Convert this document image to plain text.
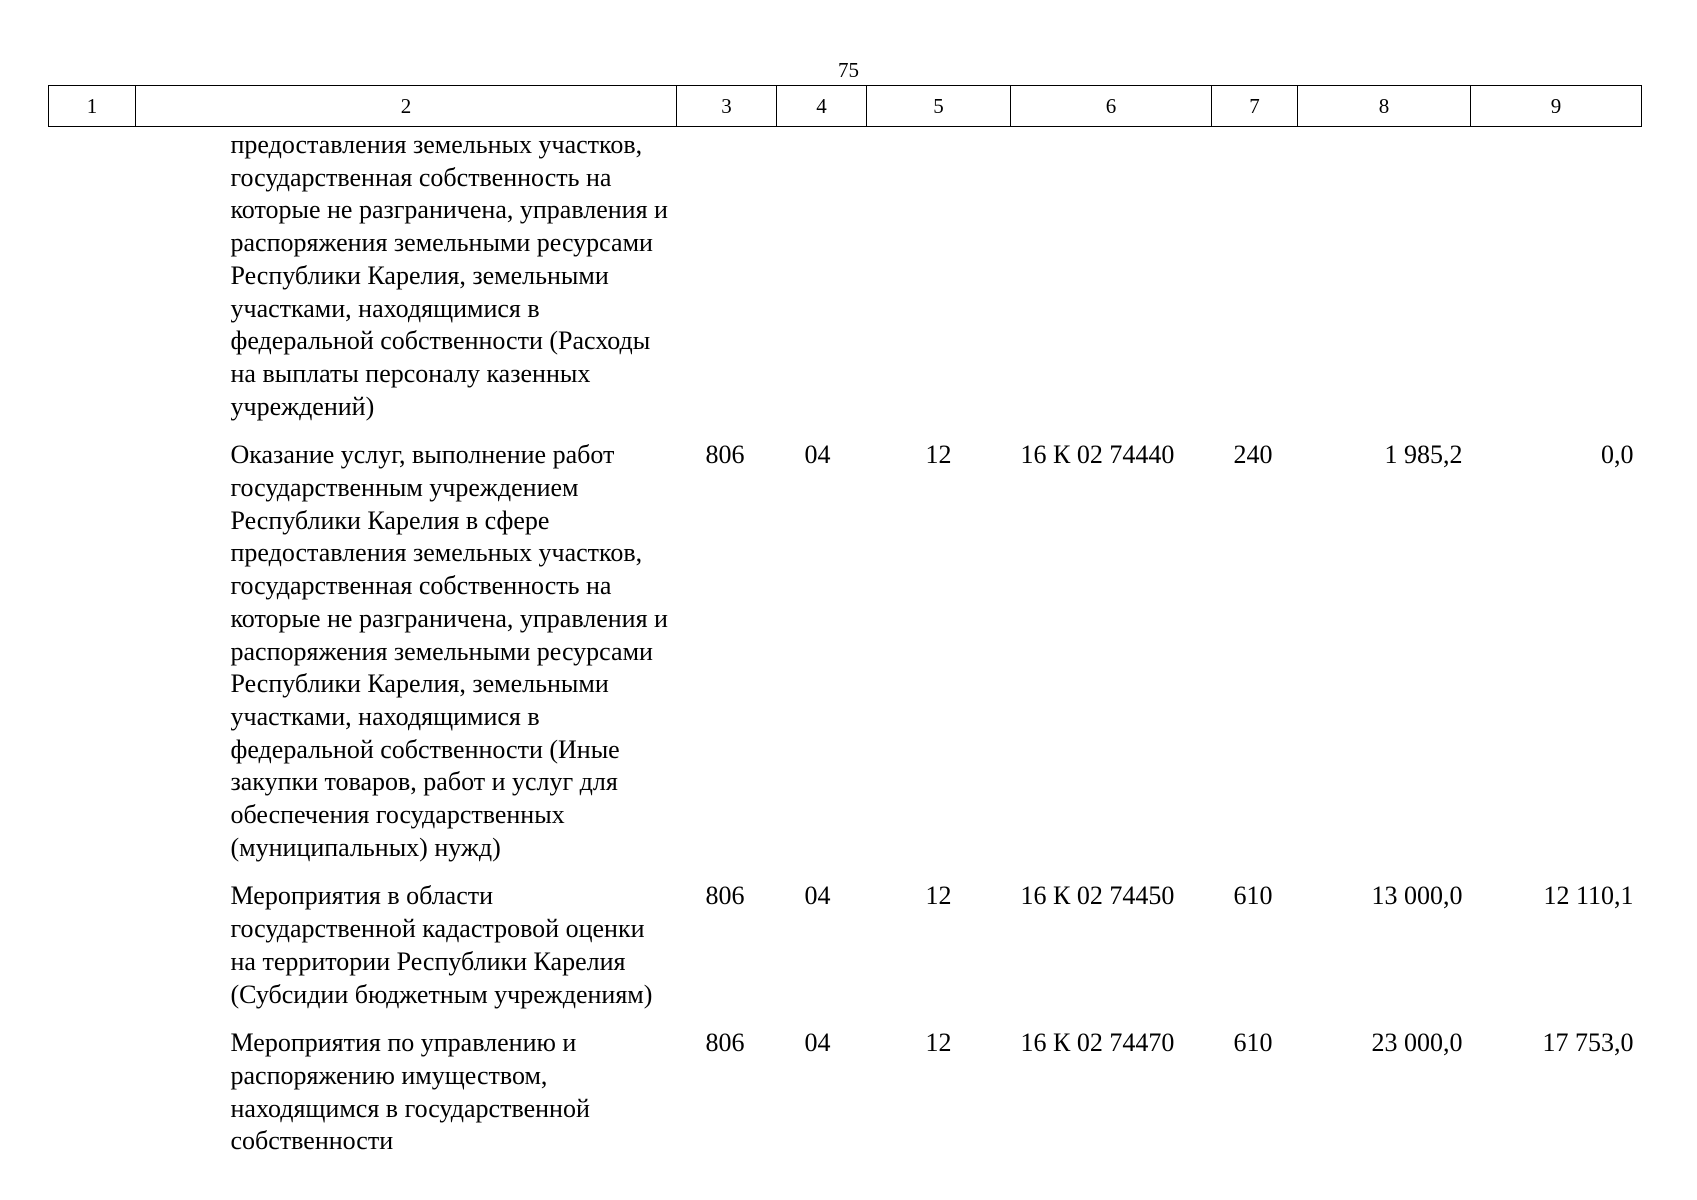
75
1	2	3	4	5	6	7	8	9
	предоставления земельных участков, государственная собственность на которые не разграничена, управления и распоряжения земельными ресурсами Республики Карелия, земельными участками, находящимися в федеральной собственности (Расходы на выплаты персоналу казенных учреждений)							
	Оказание услуг, выполнение работ государственным учреждением Республики Карелия в сфере предоставления земельных участков, государственная собственность на которые не разграничена, управления и распоряжения земельными ресурсами Республики Карелия, земельными участками, находящимися в федеральной собственности (Иные закупки товаров, работ и услуг для обеспечения государственных (муниципальных) нужд)	806	04	12	16 К 02 74440	240	1 985,2	0,0
	Мероприятия в области государственной кадастровой оценки на территории Республики Карелия (Субсидии бюджетным учреждениям)	806	04	12	16 К 02 74450	610	13 000,0	12 110,1
	Мероприятия по управлению и распоряжению имуществом, находящимся в государственной собственности	806	04	12	16 К 02 74470	610	23 000,0	17 753,0
